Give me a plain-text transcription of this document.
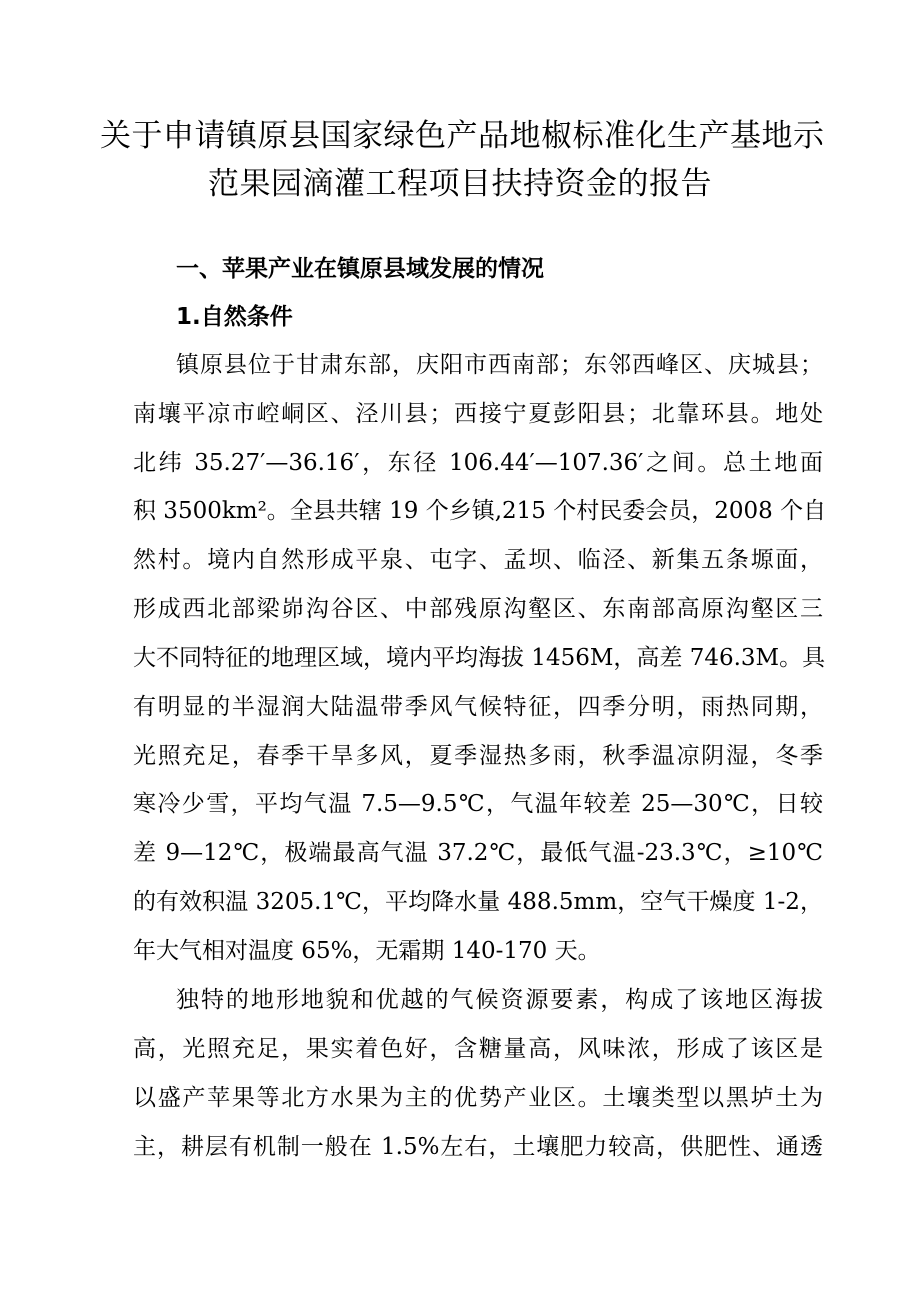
关于申请镇原县国家绿色产品地椒标准化生产基地示
范果园滴灌工程项目扶持资金的报告
一、苹果产业在镇原县域发展的情况
1.自然条件
镇原县位于甘肃东部，庆阳市西南部；东邻西峰区、庆城县；
南壤平凉市崆峒区、泾川县；西接宁夏彭阳县；北靠环县。地处
北纬 35.27′—36.16′，东径 106.44′—107.36′之间。总土地面
积 3500km²。全县共辖 19 个乡镇,215 个村民委会员，2008 个自
然村。境内自然形成平泉、屯字、孟坝、临泾、新集五条塬面，
形成西北部梁峁沟谷区、中部残原沟壑区、东南部高原沟壑区三
大不同特征的地理区域，境内平均海拔 1456M，高差 746.3M。具
有明显的半湿润大陆温带季风气候特征，四季分明，雨热同期，
光照充足，春季干旱多风，夏季湿热多雨，秋季温凉阴湿，冬季
寒冷少雪，平均气温 7.5—9.5℃，气温年较差 25—30℃，日较
差 9—12℃，极端最高气温 37.2℃，最低气温-23.3℃，≥10℃
的有效积温 3205.1℃，平均降水量 488.5mm，空气干燥度 1-2，
年大气相对温度 65%，无霜期 140-170 天。
独特的地形地貌和优越的气候资源要素，构成了该地区海拔
高，光照充足，果实着色好，含糖量高，风味浓，形成了该区是
以盛产苹果等北方水果为主的优势产业区。土壤类型以黑垆土为
主，耕层有机制一般在 1.5%左右，土壤肥力较高，供肥性、通透
